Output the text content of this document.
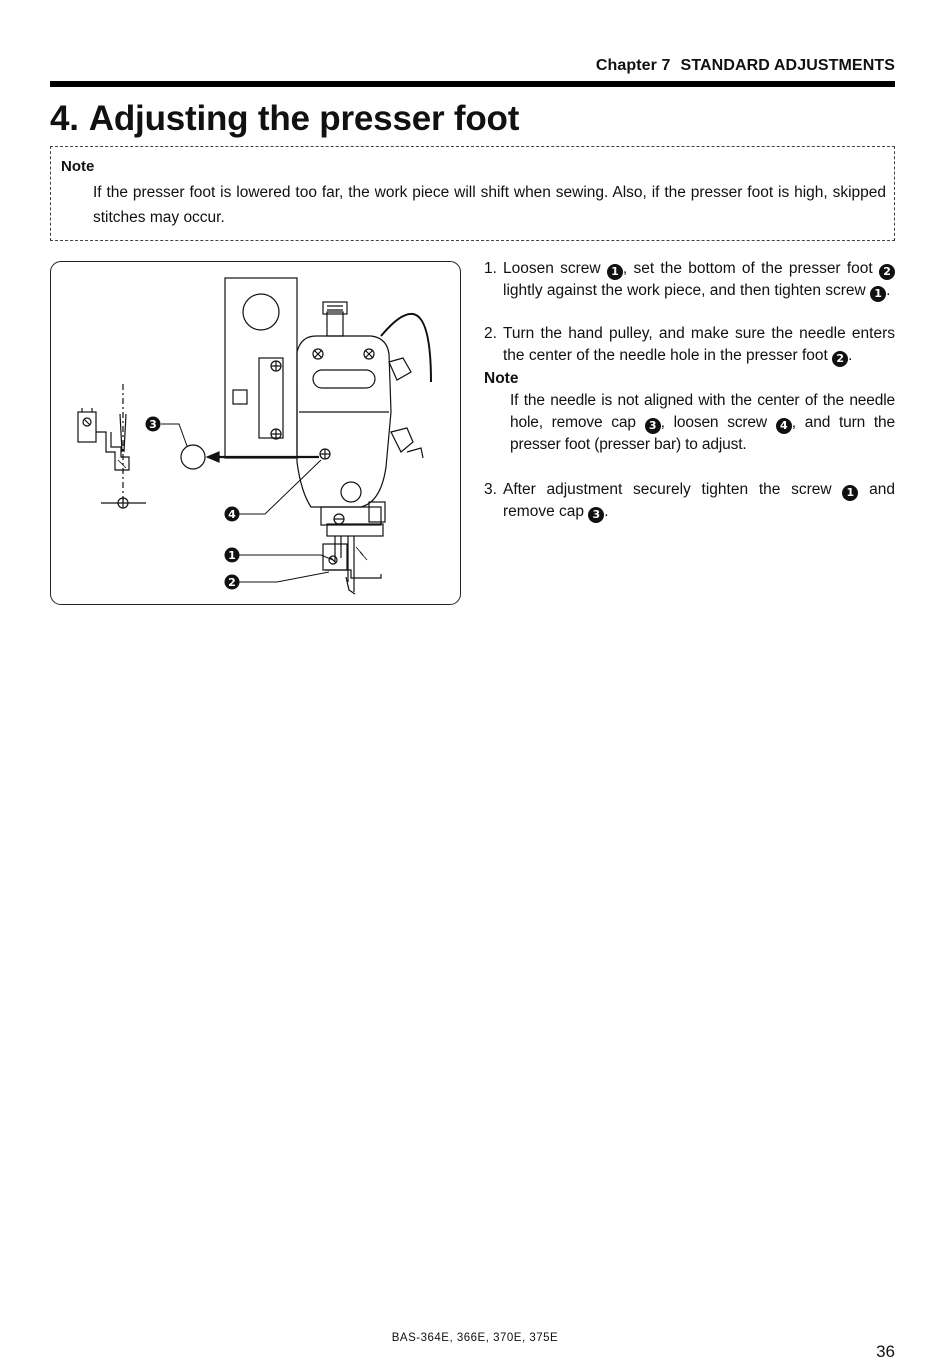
Chapter 7 STANDARD ADJUSTMENTS
4. Adjusting the presser foot
Note
If the presser foot is lowered too far, the work piece will shift when sewing. Also, if the presser foot is high, skipped stitches may occur.
3
4
1
2
1. Loosen screw 1 , set the bottom of the presser foot 2 lightly against the work piece, and then tighten screw 1 .
2. Turn the hand pulley, and make sure the needle enters the center of the needle hole in the presser foot 2 .
Note
If the needle is not aligned with the center of the needle hole, remove cap 3 , loosen screw 4 , and turn the presser foot (presser bar) to adjust.
3. After adjustment securely tighten the screw 1 and remove cap 3 .
BAS-364E, 366E, 370E, 375E
36
